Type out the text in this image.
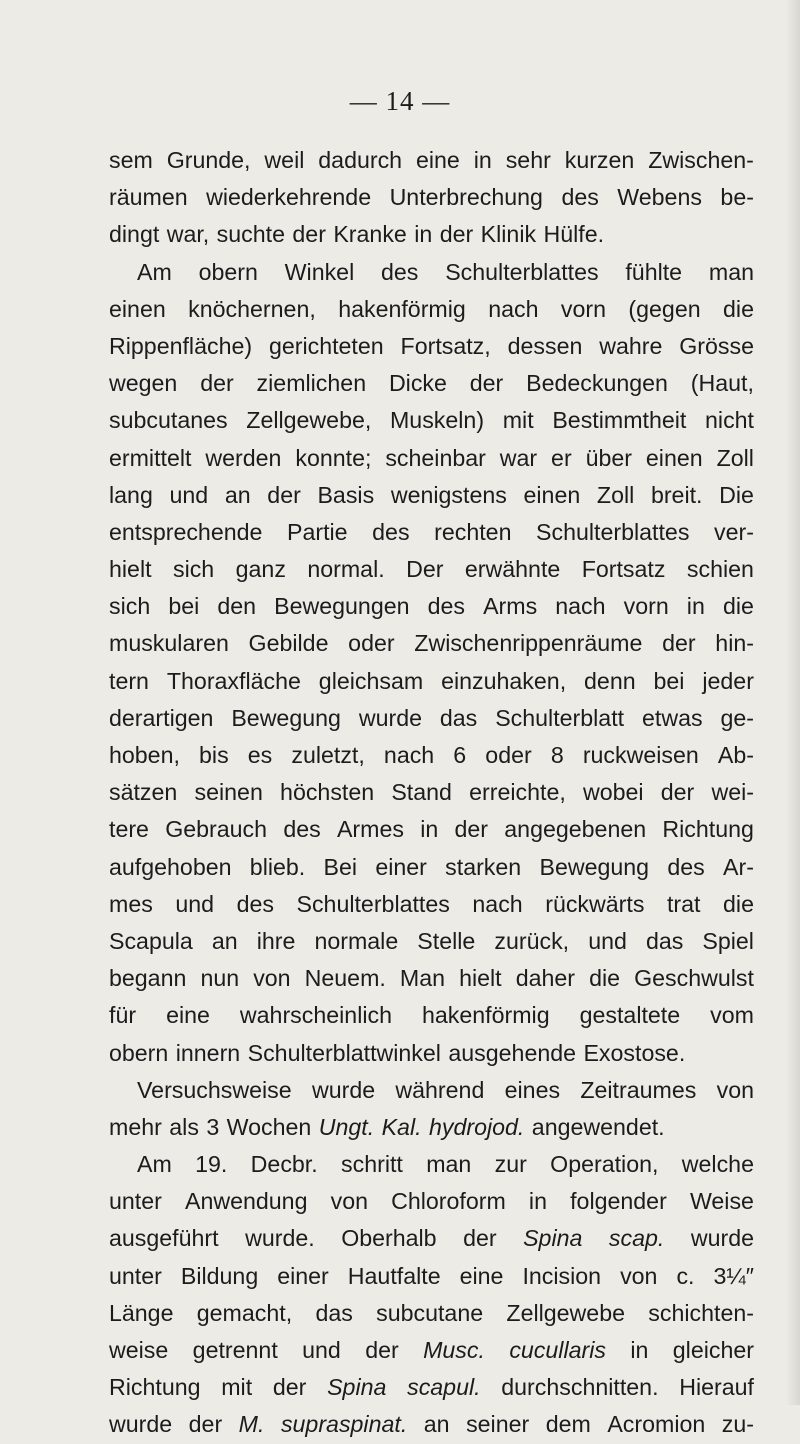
— 14 —
sem Grunde, weil dadurch eine in sehr kurzen Zwischen-
räumen wiederkehrende Unterbrechung des Webens be-
dingt war, suchte der Kranke in der Klinik Hülfe.
Am obern Winkel des Schulterblattes fühlte man
einen knöchernen, hakenförmig nach vorn (gegen die
Rippenfläche) gerichteten Fortsatz, dessen wahre Grösse
wegen der ziemlichen Dicke der Bedeckungen (Haut,
subcutanes Zellgewebe, Muskeln) mit Bestimmtheit nicht
ermittelt werden konnte; scheinbar war er über einen Zoll
lang und an der Basis wenigstens einen Zoll breit. Die
entsprechende Partie des rechten Schulterblattes ver-
hielt sich ganz normal. Der erwähnte Fortsatz schien
sich bei den Bewegungen des Arms nach vorn in die
muskularen Gebilde oder Zwischenrippenräume der hin-
tern Thoraxfläche gleichsam einzuhaken, denn bei jeder
derartigen Bewegung wurde das Schulterblatt etwas ge-
hoben, bis es zuletzt, nach 6 oder 8 ruckweisen Ab-
sätzen seinen höchsten Stand erreichte, wobei der wei-
tere Gebrauch des Armes in der angegebenen Richtung
aufgehoben blieb. Bei einer starken Bewegung des Ar-
mes und des Schulterblattes nach rückwärts trat die
Scapula an ihre normale Stelle zurück, und das Spiel
begann nun von Neuem. Man hielt daher die Geschwulst
für eine wahrscheinlich hakenförmig gestaltete vom
obern innern Schulterblattwinkel ausgehende Exostose.
Versuchsweise wurde während eines Zeitraumes von
mehr als 3 Wochen Ungt. Kal. hydrojod. angewendet.
Am 19. Decbr. schritt man zur Operation, welche
unter Anwendung von Chloroform in folgender Weise
ausgeführt wurde. Oberhalb der Spina scap. wurde
unter Bildung einer Hautfalte eine Incision von c. 3¼″
Länge gemacht, das subcutane Zellgewebe schichten-
weise getrennt und der Musc. cucullaris in gleicher
Richtung mit der Spina scapul. durchschnitten. Hierauf
wurde der M. supraspinat. an seiner dem Acromion zu-
